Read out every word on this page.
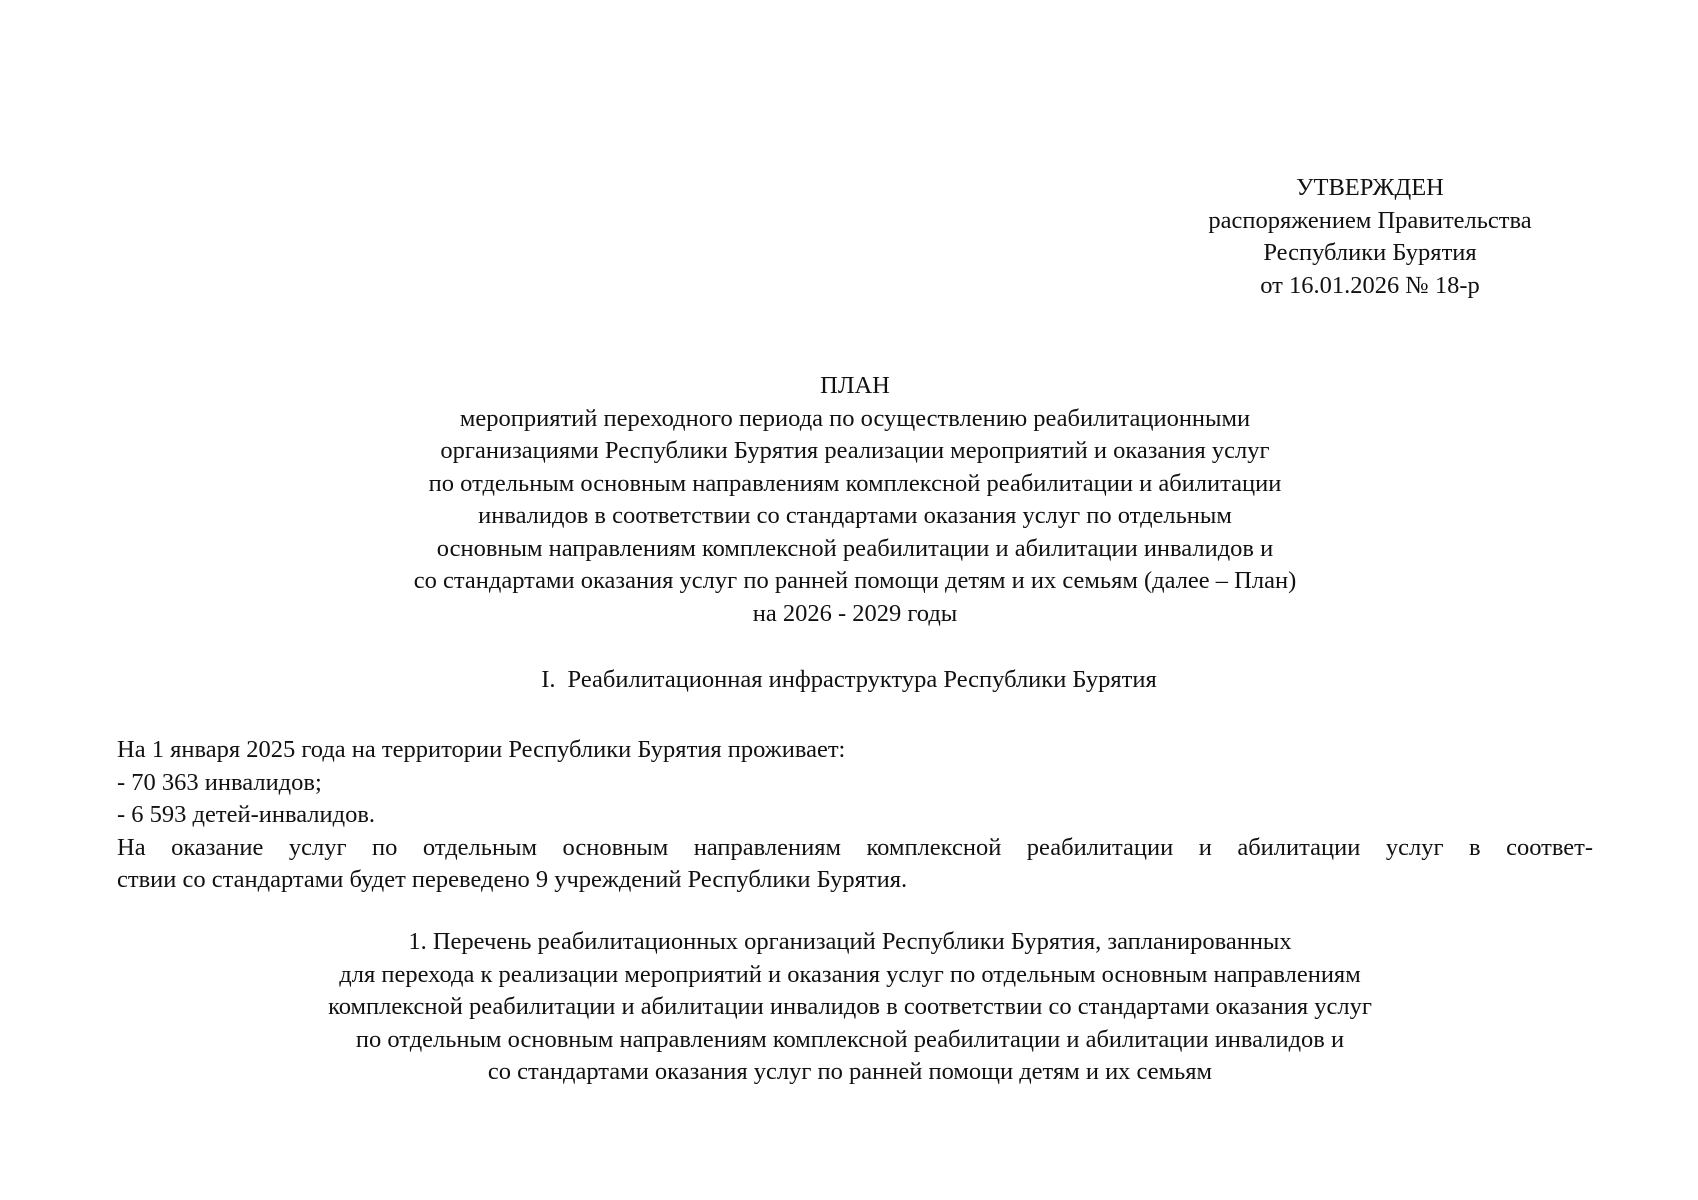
УТВЕРЖДЕН
распоряжением Правительства
Республики Бурятия
от 16.01.2026 № 18-р
ПЛАН
мероприятий переходного периода по осуществлению реабилитационными
организациями Республики Бурятия реализации мероприятий и оказания услуг
по отдельным основным направлениям комплексной реабилитации и абилитации
инвалидов в соответствии со стандартами оказания услуг по отдельным
основным направлениям комплексной реабилитации и абилитации инвалидов и
со стандартами оказания услуг по ранней помощи детям и их семьям (далее – План)
на 2026 - 2029 годы
I. Реабилитационная инфраструктура Республики Бурятия
На 1 января 2025 года на территории Республики Бурятия проживает:
- 70 363 инвалидов;
- 6 593 детей-инвалидов.
На оказание услуг по отдельным основным направлениям комплексной реабилитации и абилитации услуг в соответ-
ствии со стандартами будет переведено 9 учреждений Республики Бурятия.
1. Перечень реабилитационных организаций Республики Бурятия, запланированных
для перехода к реализации мероприятий и оказания услуг по отдельным основным направлениям
комплексной реабилитации и абилитации инвалидов в соответствии со стандартами оказания услуг
по отдельным основным направлениям комплексной реабилитации и абилитации инвалидов и
со стандартами оказания услуг по ранней помощи детям и их семьям
